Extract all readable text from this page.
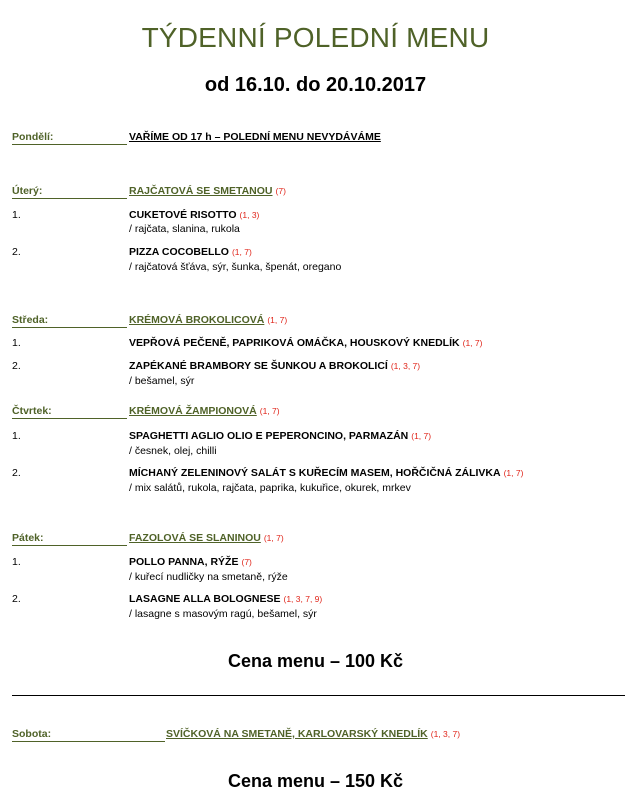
TÝDENNÍ POLEDNÍ MENU
od 16.10. do 20.10.2017
Pondělí:	VAŘÍME OD 17 h – POLEDNÍ MENU NEVYDÁVÁME
Úterý:	RAJČATOVÁ SE SMETANOU (7)
1.	CUKETOVÉ RISOTTO (1, 3)
/ rajčata, slanina, rukola
2.	PIZZA COCOBELLO (1, 7)
/ rajčatová šťáva, sýr, šunka, špenát, oregano
Středa:	KRÉMOVÁ BROKOLICOVÁ (1, 7)
1.	VEPŘOVÁ PEČENĚ, PAPRIKOVÁ OMÁČKA, HOUSKOVÝ KNEDLÍK (1, 7)
2.	ZAPÉKANÉ BRAMBORY SE ŠUNKOU A BROKOLICÍ (1, 3, 7)
/ bešamel, sýr
Čtvrtek:	KRÉMOVÁ ŽAMPIONOVÁ (1, 7)
1.	SPAGHETTI AGLIO OLIO E PEPERONCINO, PARMAZÁN (1, 7)
/ česnek, olej, chilli
2.	MÍCHANÝ ZELENINOVÝ SALÁT S KUŘECÍM MASEM, HOŘČIČNÁ ZÁLIVKA (1, 7)
/ mix salátů, rukola, rajčata, paprika, kukuřice, okurek, mrkev
Pátek:	FAZOLOVÁ SE SLANINOU (1, 7)
1.	POLLO PANNA, RÝŽE (7)
/ kuřecí nudličky na smetaně, rýže
2.	LASAGNE ALLA BOLOGNESE (1, 3, 7, 9)
/ lasagne s masovým ragú, bešamel, sýr
Cena menu – 100 Kč
Sobota:	SVÍČKOVÁ NA SMETANĚ, KARLOVARSKÝ KNEDLÍK (1, 3, 7)
Cena menu – 150 Kč
